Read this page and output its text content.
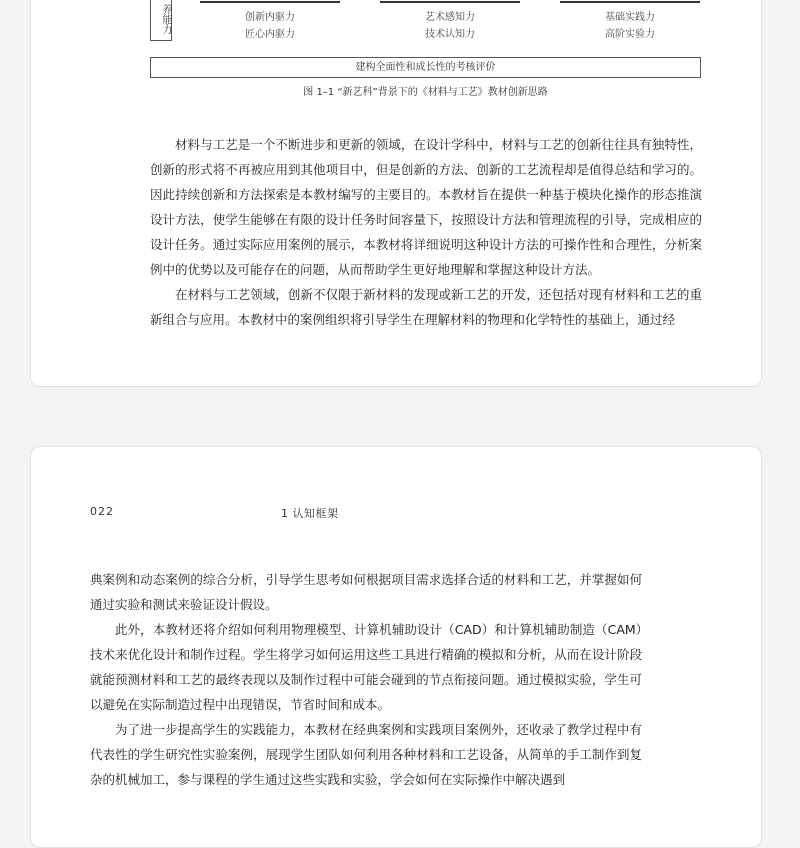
养能力	创新内驱力
匠心内驱力
艺术感知力
技术认知力
基础实践力
高阶实验力
建构全面性和成长性的考核评价
图 1–1 “新艺科”背景下的《材料与工艺》教材创新思路

材料与工艺是一个不断进步和更新的领域，在设计学科中，材料与工艺的创新往往具有独特性，创新的形式将不再被应用到其他项目中，但是创新的方法、创新的工艺流程却是值得总结和学习的。因此持续创新和方法探索是本教材编写的主要目的。本教材旨在提供一种基于模块化操作的形态推演设计方法，使学生能够在有限的设计任务时间容量下，按照设计方法和管理流程的引导，完成相应的设计任务。通过实际应用案例的展示，本教材将详细说明这种设计方法的可操作性和合理性，分析案例中的优势以及可能存在的问题，从而帮助学生更好地理解和掌握这种设计方法。

在材料与工艺领域，创新不仅限于新材料的发现或新工艺的开发，还包括对现有材料和工艺的重新组合与应用。本教材中的案例组织将引导学生在理解材料的物理和化学特性的基础上，通过经

022	1 认知框架

典案例和动态案例的综合分析，引导学生思考如何根据项目需求选择合适的材料和工艺，并掌握如何通过实验和测试来验证设计假设。

此外，本教材还将介绍如何利用物理模型、计算机辅助设计（CAD）和计算机辅助制造（CAM）技术来优化设计和制作过程。学生将学习如何运用这些工具进行精确的模拟和分析，从而在设计阶段就能预测材料和工艺的最终表现以及制作过程中可能会碰到的节点衔接问题。通过模拟实验，学生可以避免在实际制造过程中出现错误，节省时间和成本。

为了进一步提高学生的实践能力，本教材在经典案例和实践项目案例外，还收录了教学过程中有代表性的学生研究性实验案例，展现学生团队如何利用各种材料和工艺设备，从简单的手工制作到复杂的机械加工，参与课程的学生通过这些实践和实验，学会如何在实际操作中解决遇到
